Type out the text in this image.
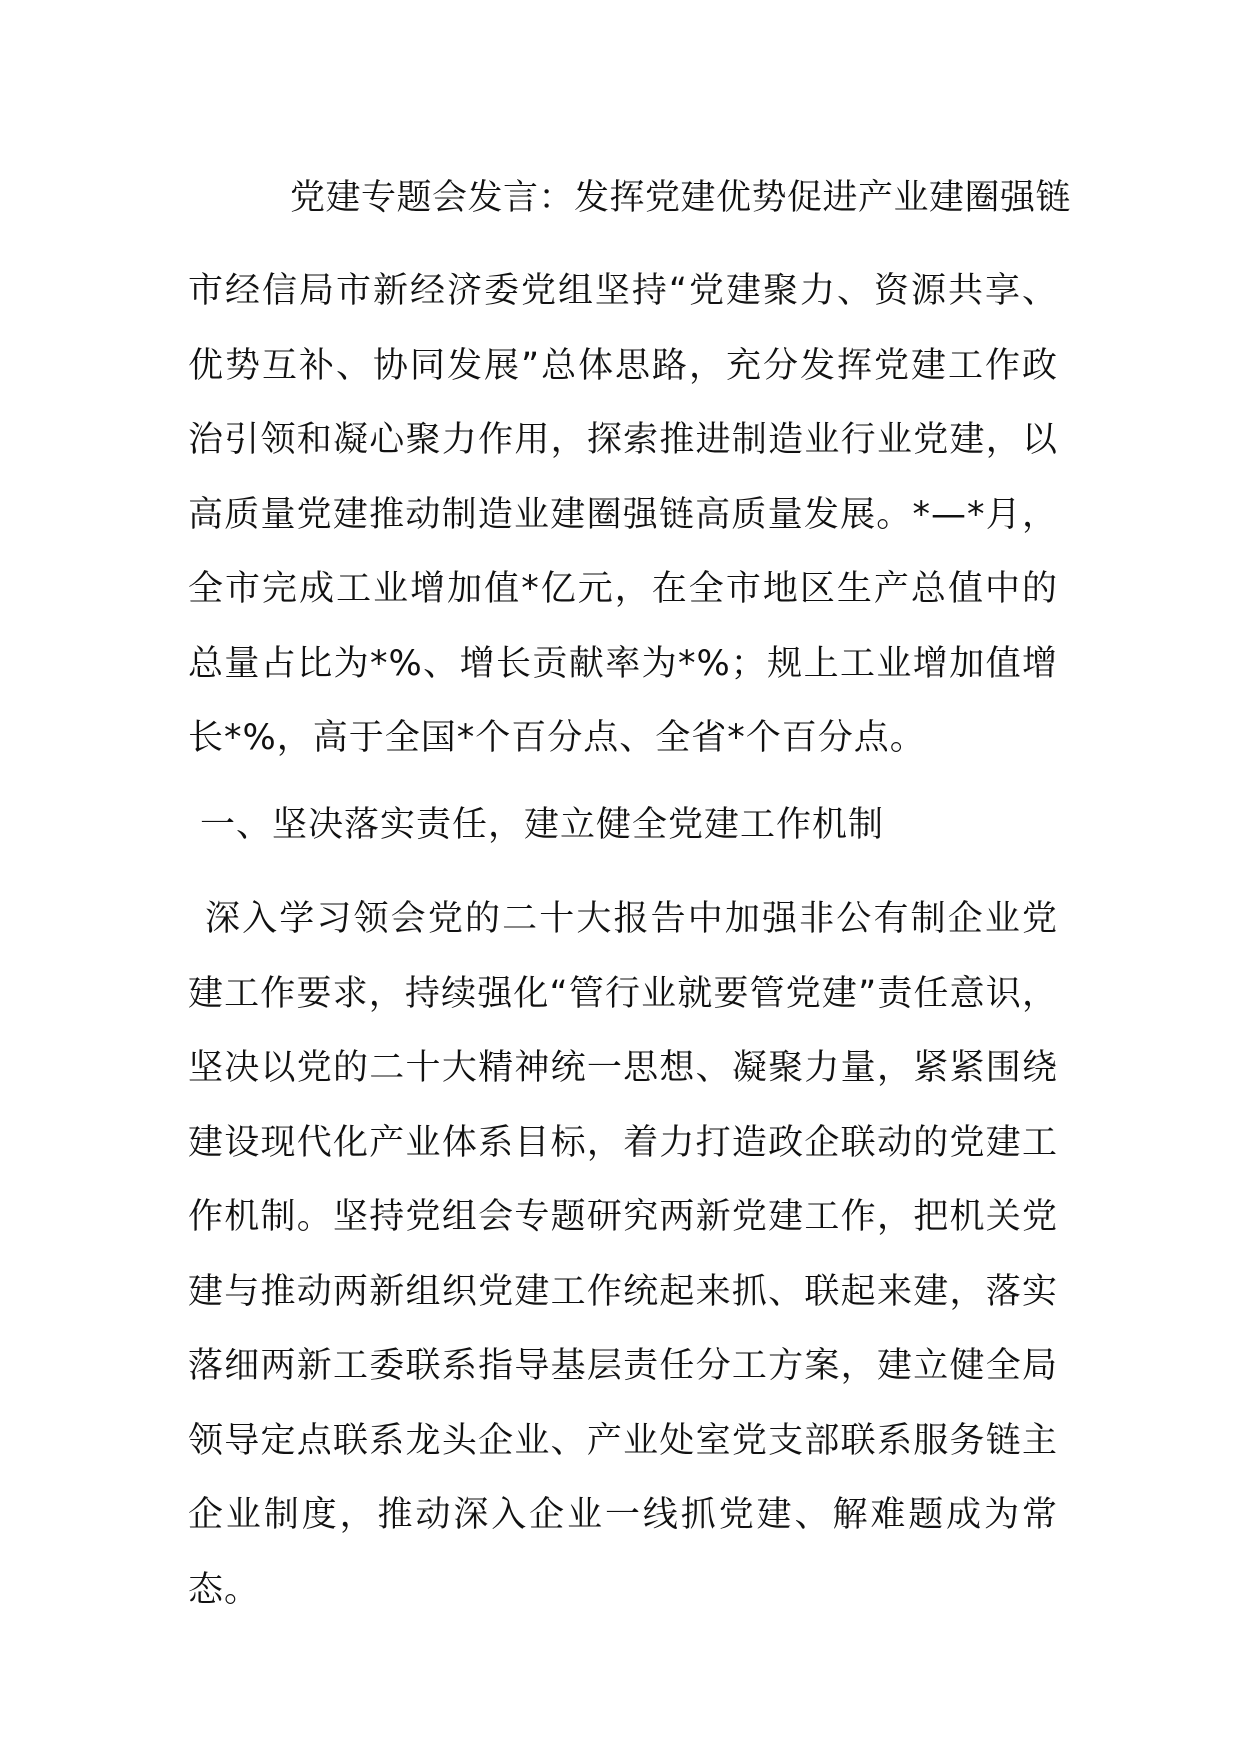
党建专题会发言：发挥党建优势促进产业建圈强链

市经信局市新经济委党组坚持“党建聚力、资源共享、优势互补、协同发展”总体思路，充分发挥党建工作政治引领和凝心聚力作用，探索推进制造业行业党建，以高质量党建推动制造业建圈强链高质量发展。*—*月，全市完成工业增加值*亿元，在全市地区生产总值中的总量占比为*%、增长贡献率为*%；规上工业增加值增长*%，高于全国*个百分点、全省*个百分点。

一、坚决落实责任，建立健全党建工作机制

深入学习领会党的二十大报告中加强非公有制企业党建工作要求，持续强化“管行业就要管党建”责任意识，坚决以党的二十大精神统一思想、凝聚力量，紧紧围绕建设现代化产业体系目标，着力打造政企联动的党建工作机制。坚持党组会专题研究两新党建工作，把机关党建与推动两新组织党建工作统起来抓、联起来建，落实落细两新工委联系指导基层责任分工方案，建立健全局领导定点联系龙头企业、产业处室党支部联系服务链主企业制度，推动深入企业一线抓党建、解难题成为常态。
